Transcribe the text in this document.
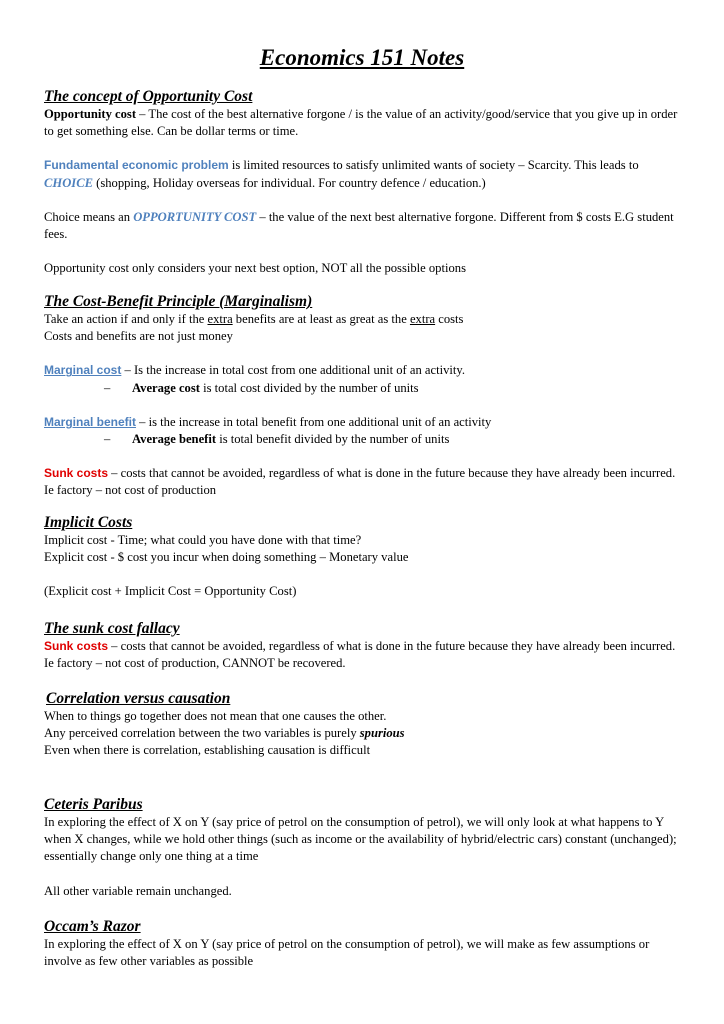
Economics 151 Notes
The concept of Opportunity Cost
Opportunity cost – The cost of the best alternative forgone / is the value of an activity/good/service that you give up in order to get something else. Can be dollar terms or time.
Fundamental economic problem is limited resources to satisfy unlimited wants of society – Scarcity. This leads to CHOICE (shopping, Holiday overseas for individual. For country defence / education.)
Choice means an OPPORTUNITY COST – the value of the next best alternative forgone. Different from $ costs E.G student fees.
Opportunity cost only considers your next best option, NOT all the possible options
The Cost-Benefit Principle (Marginalism)
Take an action if and only if the extra benefits are at least as great as the extra costs
Costs and benefits are not just money
Marginal cost – Is the increase in total cost from one additional unit of an activity.
– Average cost is total cost divided by the number of units
Marginal benefit – is the increase in total benefit from one additional unit of an activity
– Average benefit is total benefit divided by the number of units
Sunk costs – costs that cannot be avoided, regardless of what is done in the future because they have already been incurred. Ie factory – not cost of production
Implicit Costs
Implicit cost - Time; what could you have done with that time?
Explicit cost - $ cost you incur when doing something – Monetary value
(Explicit cost + Implicit Cost = Opportunity Cost)
The sunk cost fallacy
Sunk costs – costs that cannot be avoided, regardless of what is done in the future because they have already been incurred. Ie factory – not cost of production, CANNOT be recovered.
Correlation versus causation
When to things go together does not mean that one causes the other.
Any perceived correlation between the two variables is purely spurious
Even when there is correlation, establishing causation is difficult
Ceteris Paribus
In exploring the effect of X on Y (say price of petrol on the consumption of petrol), we will only look at what happens to Y when X changes, while we hold other things (such as income or the availability of hybrid/electric cars) constant (unchanged); essentially change only one thing at a time
All other variable remain unchanged.
Occam’s Razor
In exploring the effect of X on Y (say price of petrol on the consumption of petrol), we will make as few assumptions or involve as few other variables as possible
